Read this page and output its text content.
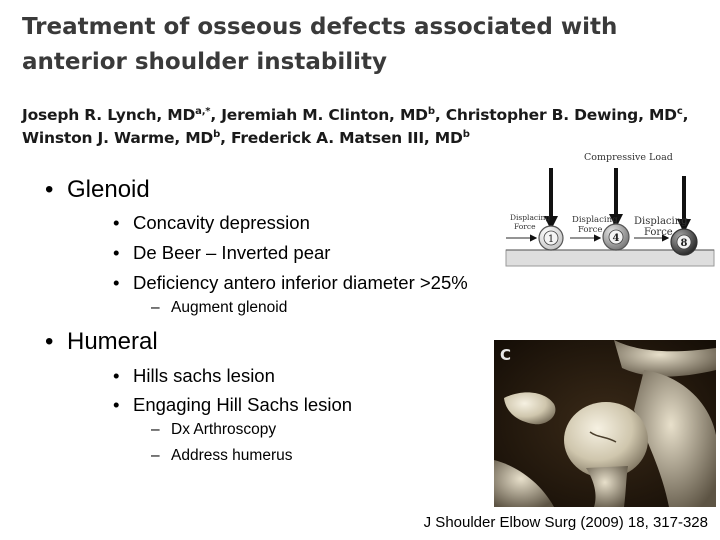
Treatment of osseous defects associated with anterior shoulder instability
Joseph R. Lynch, $MD^{a,*}$, Jeremiah M. Clinton, $MD^b$, Christopher B. Dewing, $MD^c$,
Winston J. Warme, $MD^b$, Frederick A. Matsen III, $MD^b$
• Glenoid
• Concavity depression
• De Beer – Inverted pear
• Deficiency antero inferior diameter >25%
– Augment glenoid
• Humeral
• Hills sachs lesion
• Engaging Hill Sachs lesion
– Dx Arthroscopy
– Address humerus
Compressive Load
Displacing
Force
Displacing
Force
Displacing
Force
1	4	8
C
J Shoulder Elbow Surg (2009) 18, 317-328
